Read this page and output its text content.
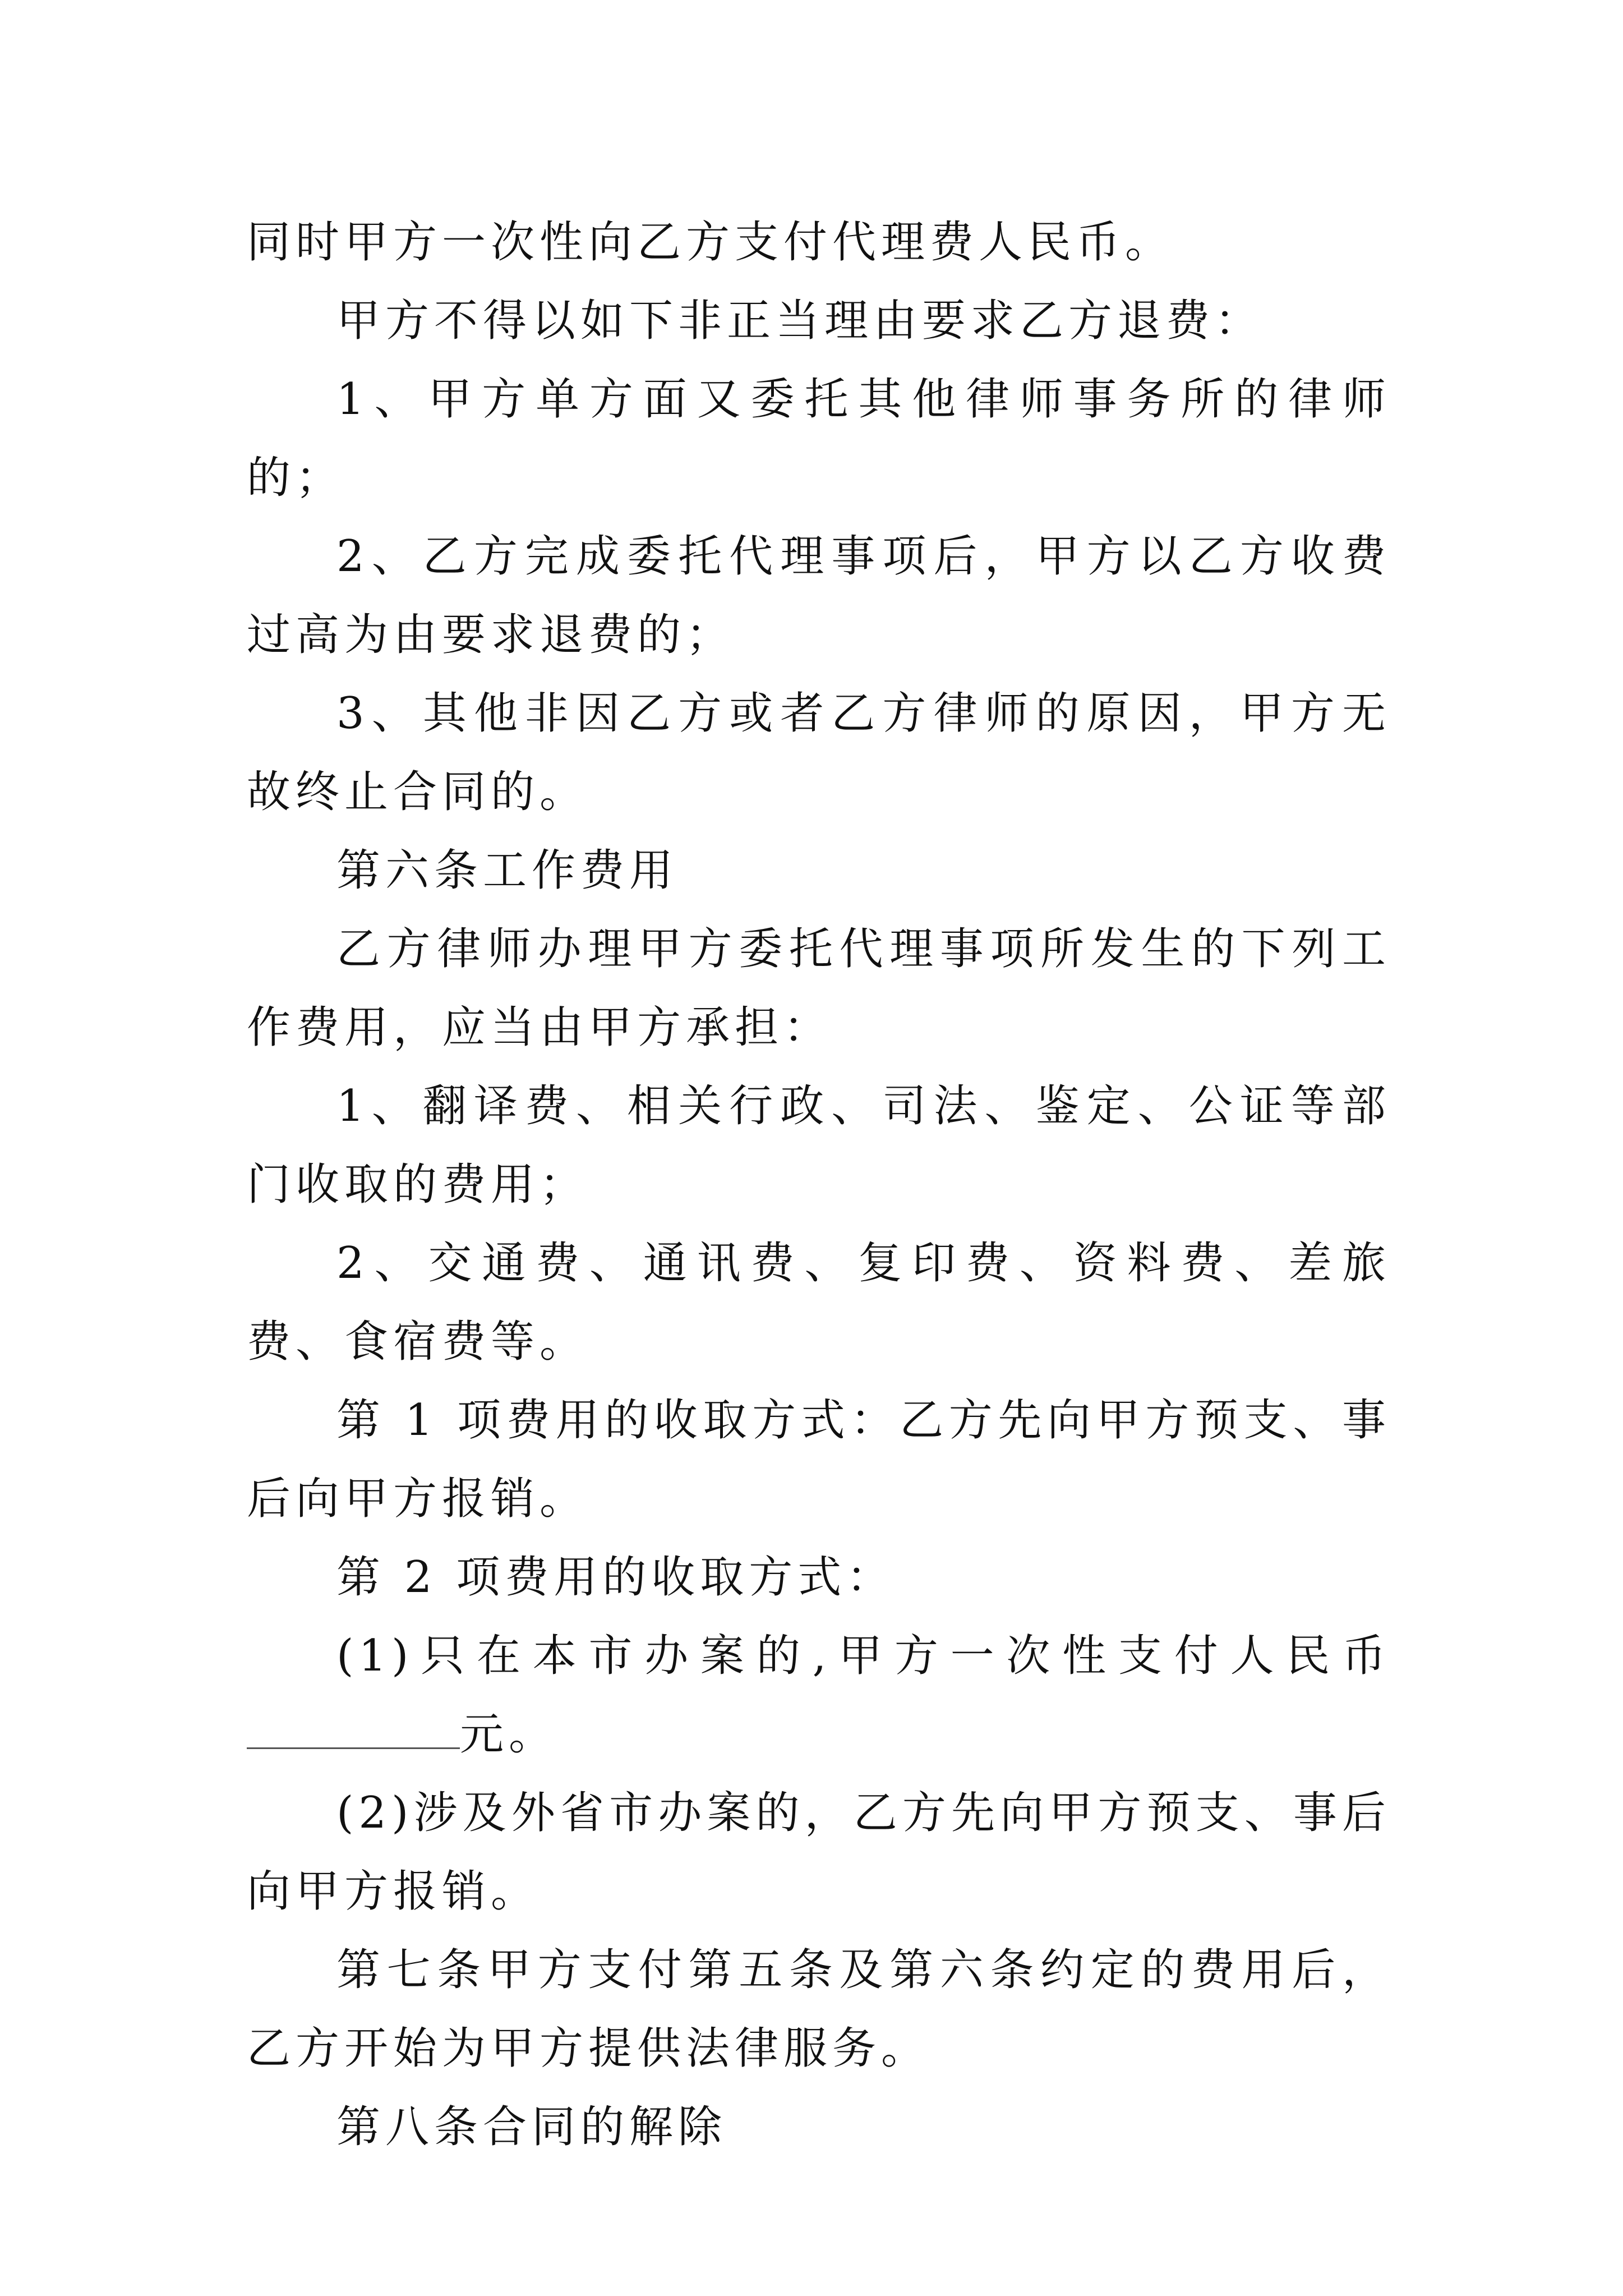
同时甲方一次性向乙方支付代理费人民币。

甲方不得以如下非正当理由要求乙方退费：

1、甲方单方面又委托其他律师事务所的律师的；

2、乙方完成委托代理事项后，甲方以乙方收费过高为由要求退费的；

3、其他非因乙方或者乙方律师的原因，甲方无故终止合同的。

第六条工作费用

乙方律师办理甲方委托代理事项所发生的下列工作费用，应当由甲方承担：

1、翻译费、相关行政、司法、鉴定、公证等部门收取的费用；

2、交通费、通讯费、复印费、资料费、差旅费、食宿费等。

第 1 项费用的收取方式：乙方先向甲方预支、事后向甲方报销。

第 2 项费用的收取方式：

(1)只在本市办案的,甲方一次性支付人民币元。

(2)涉及外省市办案的，乙方先向甲方预支、事后向甲方报销。

第七条甲方支付第五条及第六条约定的费用后，乙方开始为甲方提供法律服务。

第八条合同的解除
